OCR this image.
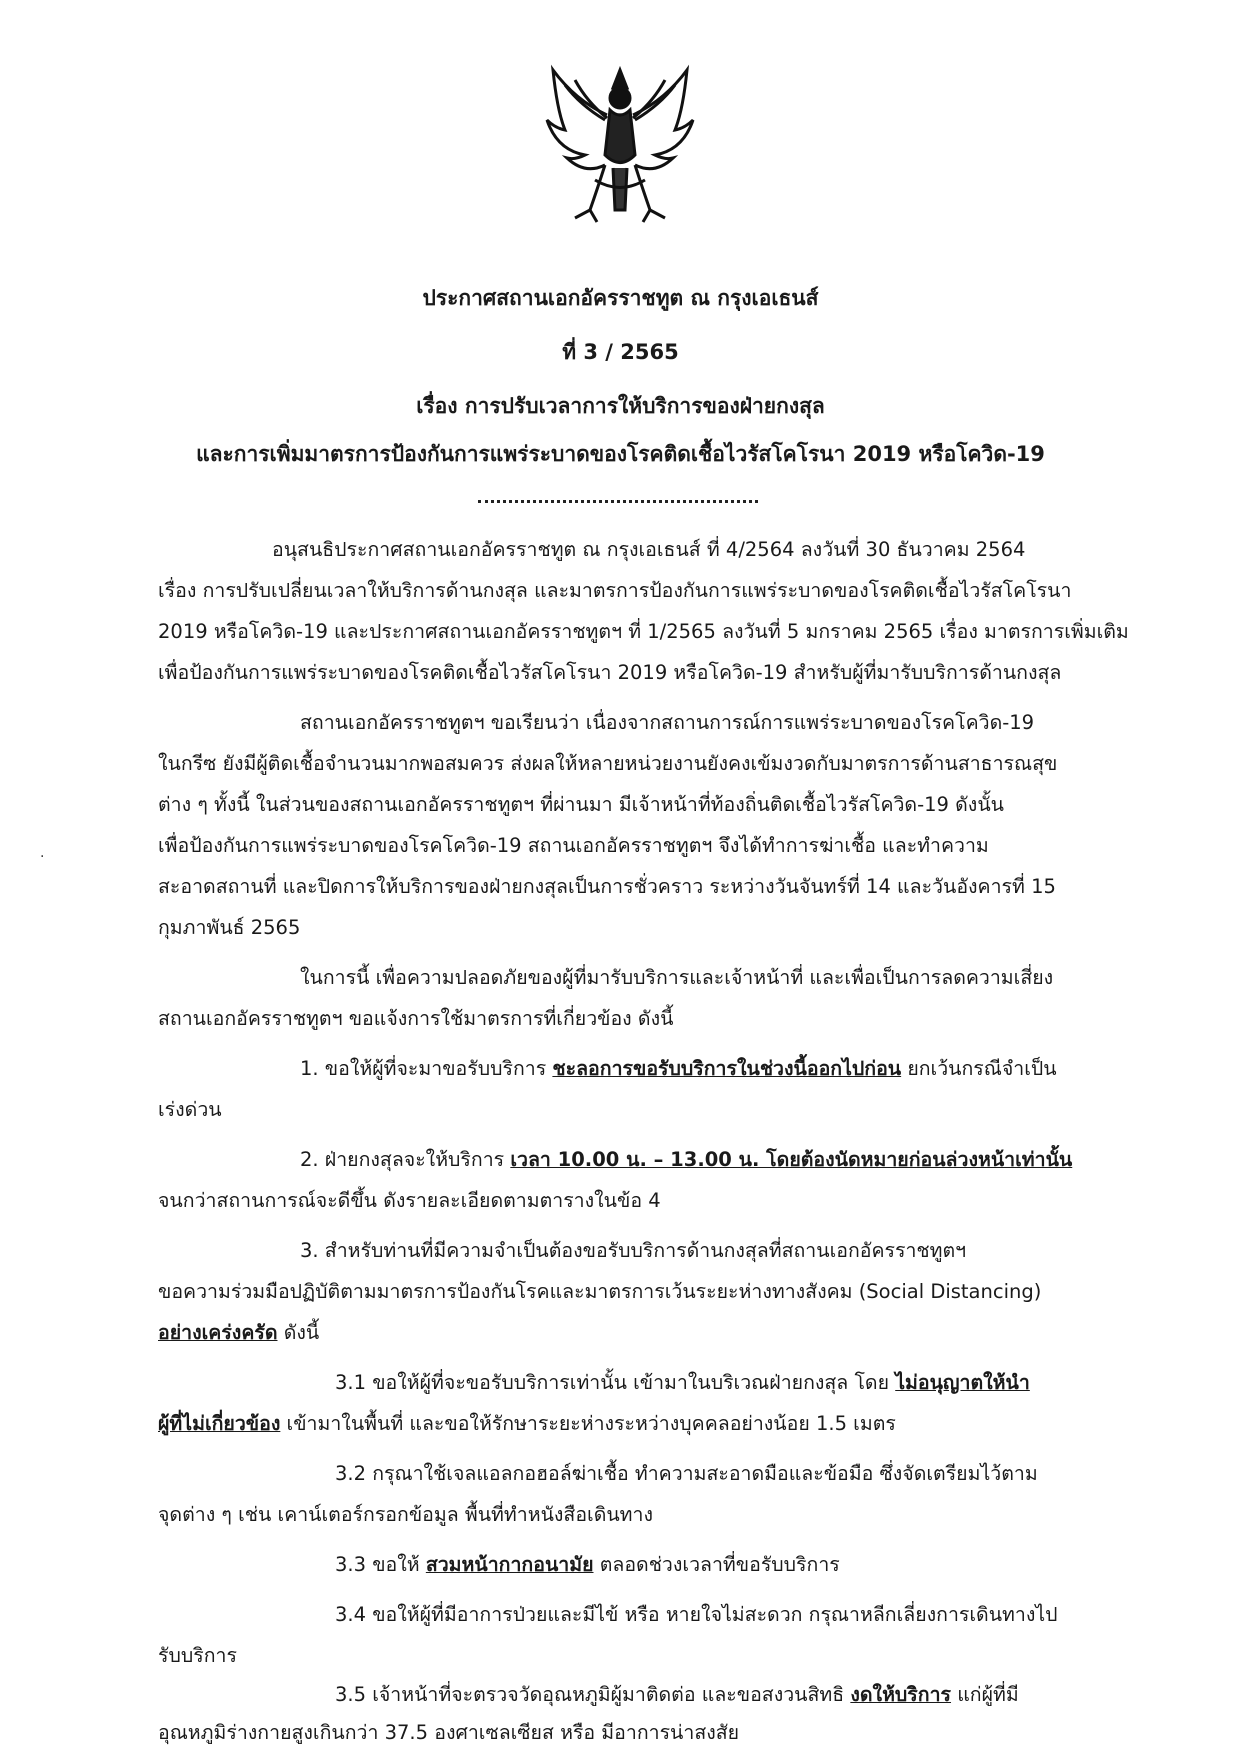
ประกาศสถานเอกอัครราชทูต ณ กรุงเอเธนส์
ที่ 3 / 2565
เรื่อง การปรับเวลาการให้บริการของฝ่ายกงสุล
และการเพิ่มมาตรการป้องกันการแพร่ระบาดของโรคติดเชื้อไวรัสโคโรนา 2019 หรือโควิด-19
อนุสนธิประกาศสถานเอกอัครราชทูต ณ กรุงเอเธนส์ ที่ 4/2564 ลงวันที่ 30 ธันวาคม 2564
เรื่อง การปรับเปลี่ยนเวลาให้บริการด้านกงสุล และมาตรการป้องกันการแพร่ระบาดของโรคติดเชื้อไวรัสโคโรนา
2019 หรือโควิด-19 และประกาศสถานเอกอัครราชทูตฯ ที่ 1/2565 ลงวันที่ 5 มกราคม 2565 เรื่อง มาตรการเพิ่มเติม
เพื่อป้องกันการแพร่ระบาดของโรคติดเชื้อไวรัสโคโรนา 2019 หรือโควิด-19 สำหรับผู้ที่มารับบริการด้านกงสุล
สถานเอกอัครราชทูตฯ ขอเรียนว่า เนื่องจากสถานการณ์การแพร่ระบาดของโรคโควิด-19
ในกรีซ ยังมีผู้ติดเชื้อจำนวนมากพอสมควร ส่งผลให้หลายหน่วยงานยังคงเข้มงวดกับมาตรการด้านสาธารณสุข
ต่าง ๆ ทั้งนี้ ในส่วนของสถานเอกอัครราชทูตฯ ที่ผ่านมา มีเจ้าหน้าที่ท้องถิ่นติดเชื้อไวรัสโควิด-19 ดังนั้น
เพื่อป้องกันการแพร่ระบาดของโรคโควิด-19 สถานเอกอัครราชทูตฯ จึงได้ทำการฆ่าเชื้อ และทำความ
สะอาดสถานที่ และปิดการให้บริการของฝ่ายกงสุลเป็นการชั่วคราว ระหว่างวันจันทร์ที่ 14 และวันอังคารที่ 15
กุมภาพันธ์ 2565
·
ในการนี้ เพื่อความปลอดภัยของผู้ที่มารับบริการและเจ้าหน้าที่ และเพื่อเป็นการลดความเสี่ยง
สถานเอกอัครราชทูตฯ ขอแจ้งการใช้มาตรการที่เกี่ยวข้อง ดังนี้
1. ขอให้ผู้ที่จะมาขอรับบริการ ชะลอการขอรับบริการในช่วงนี้ออกไปก่อน ยกเว้นกรณีจำเป็น
เร่งด่วน
2. ฝ่ายกงสุลจะให้บริการ เวลา 10.00 น. – 13.00 น. โดยต้องนัดหมายก่อนล่วงหน้าเท่านั้น
จนกว่าสถานการณ์จะดีขึ้น ดังรายละเอียดตามตารางในข้อ 4
3. สำหรับท่านที่มีความจำเป็นต้องขอรับบริการด้านกงสุลที่สถานเอกอัครราชทูตฯ
ขอความร่วมมือปฏิบัติตามมาตรการป้องกันโรคและมาตรการเว้นระยะห่างทางสังคม (Social Distancing)
อย่างเคร่งครัด ดังนี้
3.1 ขอให้ผู้ที่จะขอรับบริการเท่านั้น เข้ามาในบริเวณฝ่ายกงสุล โดย ไม่อนุญาตให้นำ
ผู้ที่ไม่เกี่ยวข้อง เข้ามาในพื้นที่ และขอให้รักษาระยะห่างระหว่างบุคคลอย่างน้อย 1.5 เมตร
3.2 กรุณาใช้เจลแอลกอฮอล์ฆ่าเชื้อ ทำความสะอาดมือและข้อมือ ซึ่งจัดเตรียมไว้ตาม
จุดต่าง ๆ เช่น เคาน์เตอร์กรอกข้อมูล พื้นที่ทำหนังสือเดินทาง
3.3 ขอให้ สวมหน้ากากอนามัย ตลอดช่วงเวลาที่ขอรับบริการ
3.4 ขอให้ผู้ที่มีอาการป่วยและมีไข้ หรือ หายใจไม่สะดวก กรุณาหลีกเลี่ยงการเดินทางไป
รับบริการ
3.5 เจ้าหน้าที่จะตรวจวัดอุณหภูมิผู้มาติดต่อ และขอสงวนสิทธิ งดให้บริการ แก่ผู้ที่มี
อุณหภูมิร่างกายสูงเกินกว่า 37.5 องศาเซลเซียส หรือ มีอาการน่าสงสัย
